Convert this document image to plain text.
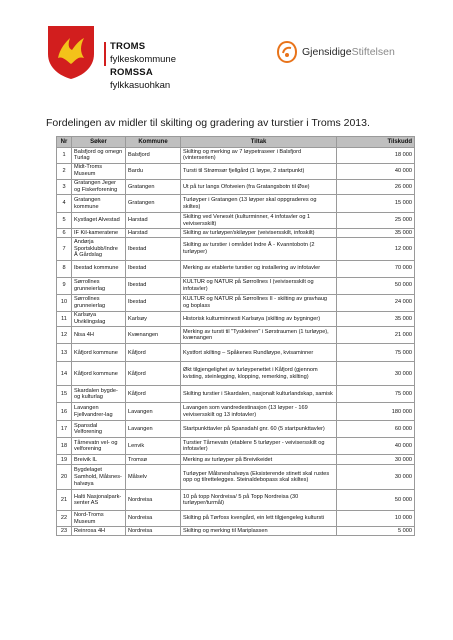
TROMS fylkeskommune
ROMSSA fylkkasuohkan
GjensidigeStiftelsen
Fordelingen av midler til skilting og gradering av turstier i Troms 2013.
Nr	Søker	Kommune	Tiltak	Tilskudd
1	Balsfjord og omegn Turlag	Balsfjord	Skilting og merking av 7 løypetraseer i Balsfjord (vinterserien)	18 000
2	Midt-Troms Museum	Bardu	Tursti til Strømsør fjellgård (1 løype, 2 startpunkt)	40 000
3	Gratangen Jeger og Fiskerforening	Gratangen	Ut på tur langs Ofotveien (fra Gratangsbotn til Øse)	26 000
4	Gratangen kommune	Gratangen	Turløyper i Gratangen (13 løyper skal oppgraderes og skiltes)	15 000
5	Kystlaget Alvestad	Harstad	Skilting ved Venesét (kulturminner, 4 infotavler og 1 veivisersskilt)	25 000
6	IF Kil-kameratene	Harstad	Skilting av turløyper/skiløyper (veivisersskilt, infoskilt)	35 000
7	Andørja Sportsklubb/Indre Å Gårdslag	Ibestad	Skilting av turstier i området Indre Å - Kvanntobotn (2 turløyper)	12 000
8	Ibestad kommune	Ibestad	Merking av etablerte turstier og installering av infotavler	70 000
9	Sørrollnes grunneierlag	Ibestad	KULTUR og NATUR på Sørrollnes I (veivisersskilt og infotavler)	50 000
10	Sørrollnes grunneierlag	Ibestad	KULTUR og NATUR på Sørrollnes II - skilting av gravhaug og boplass	24 000
11	Karlsøya Utviklingslag	Karlsøy	Historisk kulturminnesti Karlsøya (skilting av bygninger)	35 000
12	Nisa 4H	Kvænangen	Merking av tursti til "Tyskleiren" i Sørstraumen (1 turløype), kvænangen	21 000
13	Kåfjord kommune	Kåfjord	Kystfort skilting – Spåkenes Rundløype, kvisaminner	75 000
14	Kåfjord kommune	Kåfjord	Økt tilgjengelighet av turløypenettet i Kåfjord (gjennom kvisting, steinlegging, klopping, remerking, skilting)	30 000
15	Skardalen bygde- og kulturlag	Kåfjord	Skilting turstier i Skardalen, nasjonalt kulturlandskap, samisk	75 000
16	Lavangen Fjellvandrer-lag	Lavangen	Lavangen som vandredestinasjon (13 løyper - 169 veivisersskilt og 13 infotavler)	180 000
17	Spansdal Velforening	Lavangen	Startpunkttavler på Spansdahl gnr. 60 (5 startpunkttavler)	60 000
18	Tårnevatn vel- og velforening	Lenvik	Turstier Tårnevatn (etablere 5 turløyper - veivisersskilt og infotavler)	40 000
19	Breivik IL	Tromsø	Merking av turløyper på Breivikeidet	30 000
20	Bygdelaget Samhold, Målsnes-halvøya	Målselv	Turløyper Målsneshalvøya (Eksisterende stinett skal rustes opp og tilrettelegges. Steinaldebopass skal skiltes)	30 000
21	Halti Nasjonalpark-senter AS	Nordreisa	10 på topp Nordreisa/ 5 på Topp Nordreisa (30 turløyper/turmål)	50 000
22	Nord-Troms Museum	Nordreisa	Skilting på Tørfoss kvengård, ein lett tilgjengeleg kultursti	10 000
23	Reinrosa 4H	Nordreisa	Skilting og merking til Mariplassen	5 000
